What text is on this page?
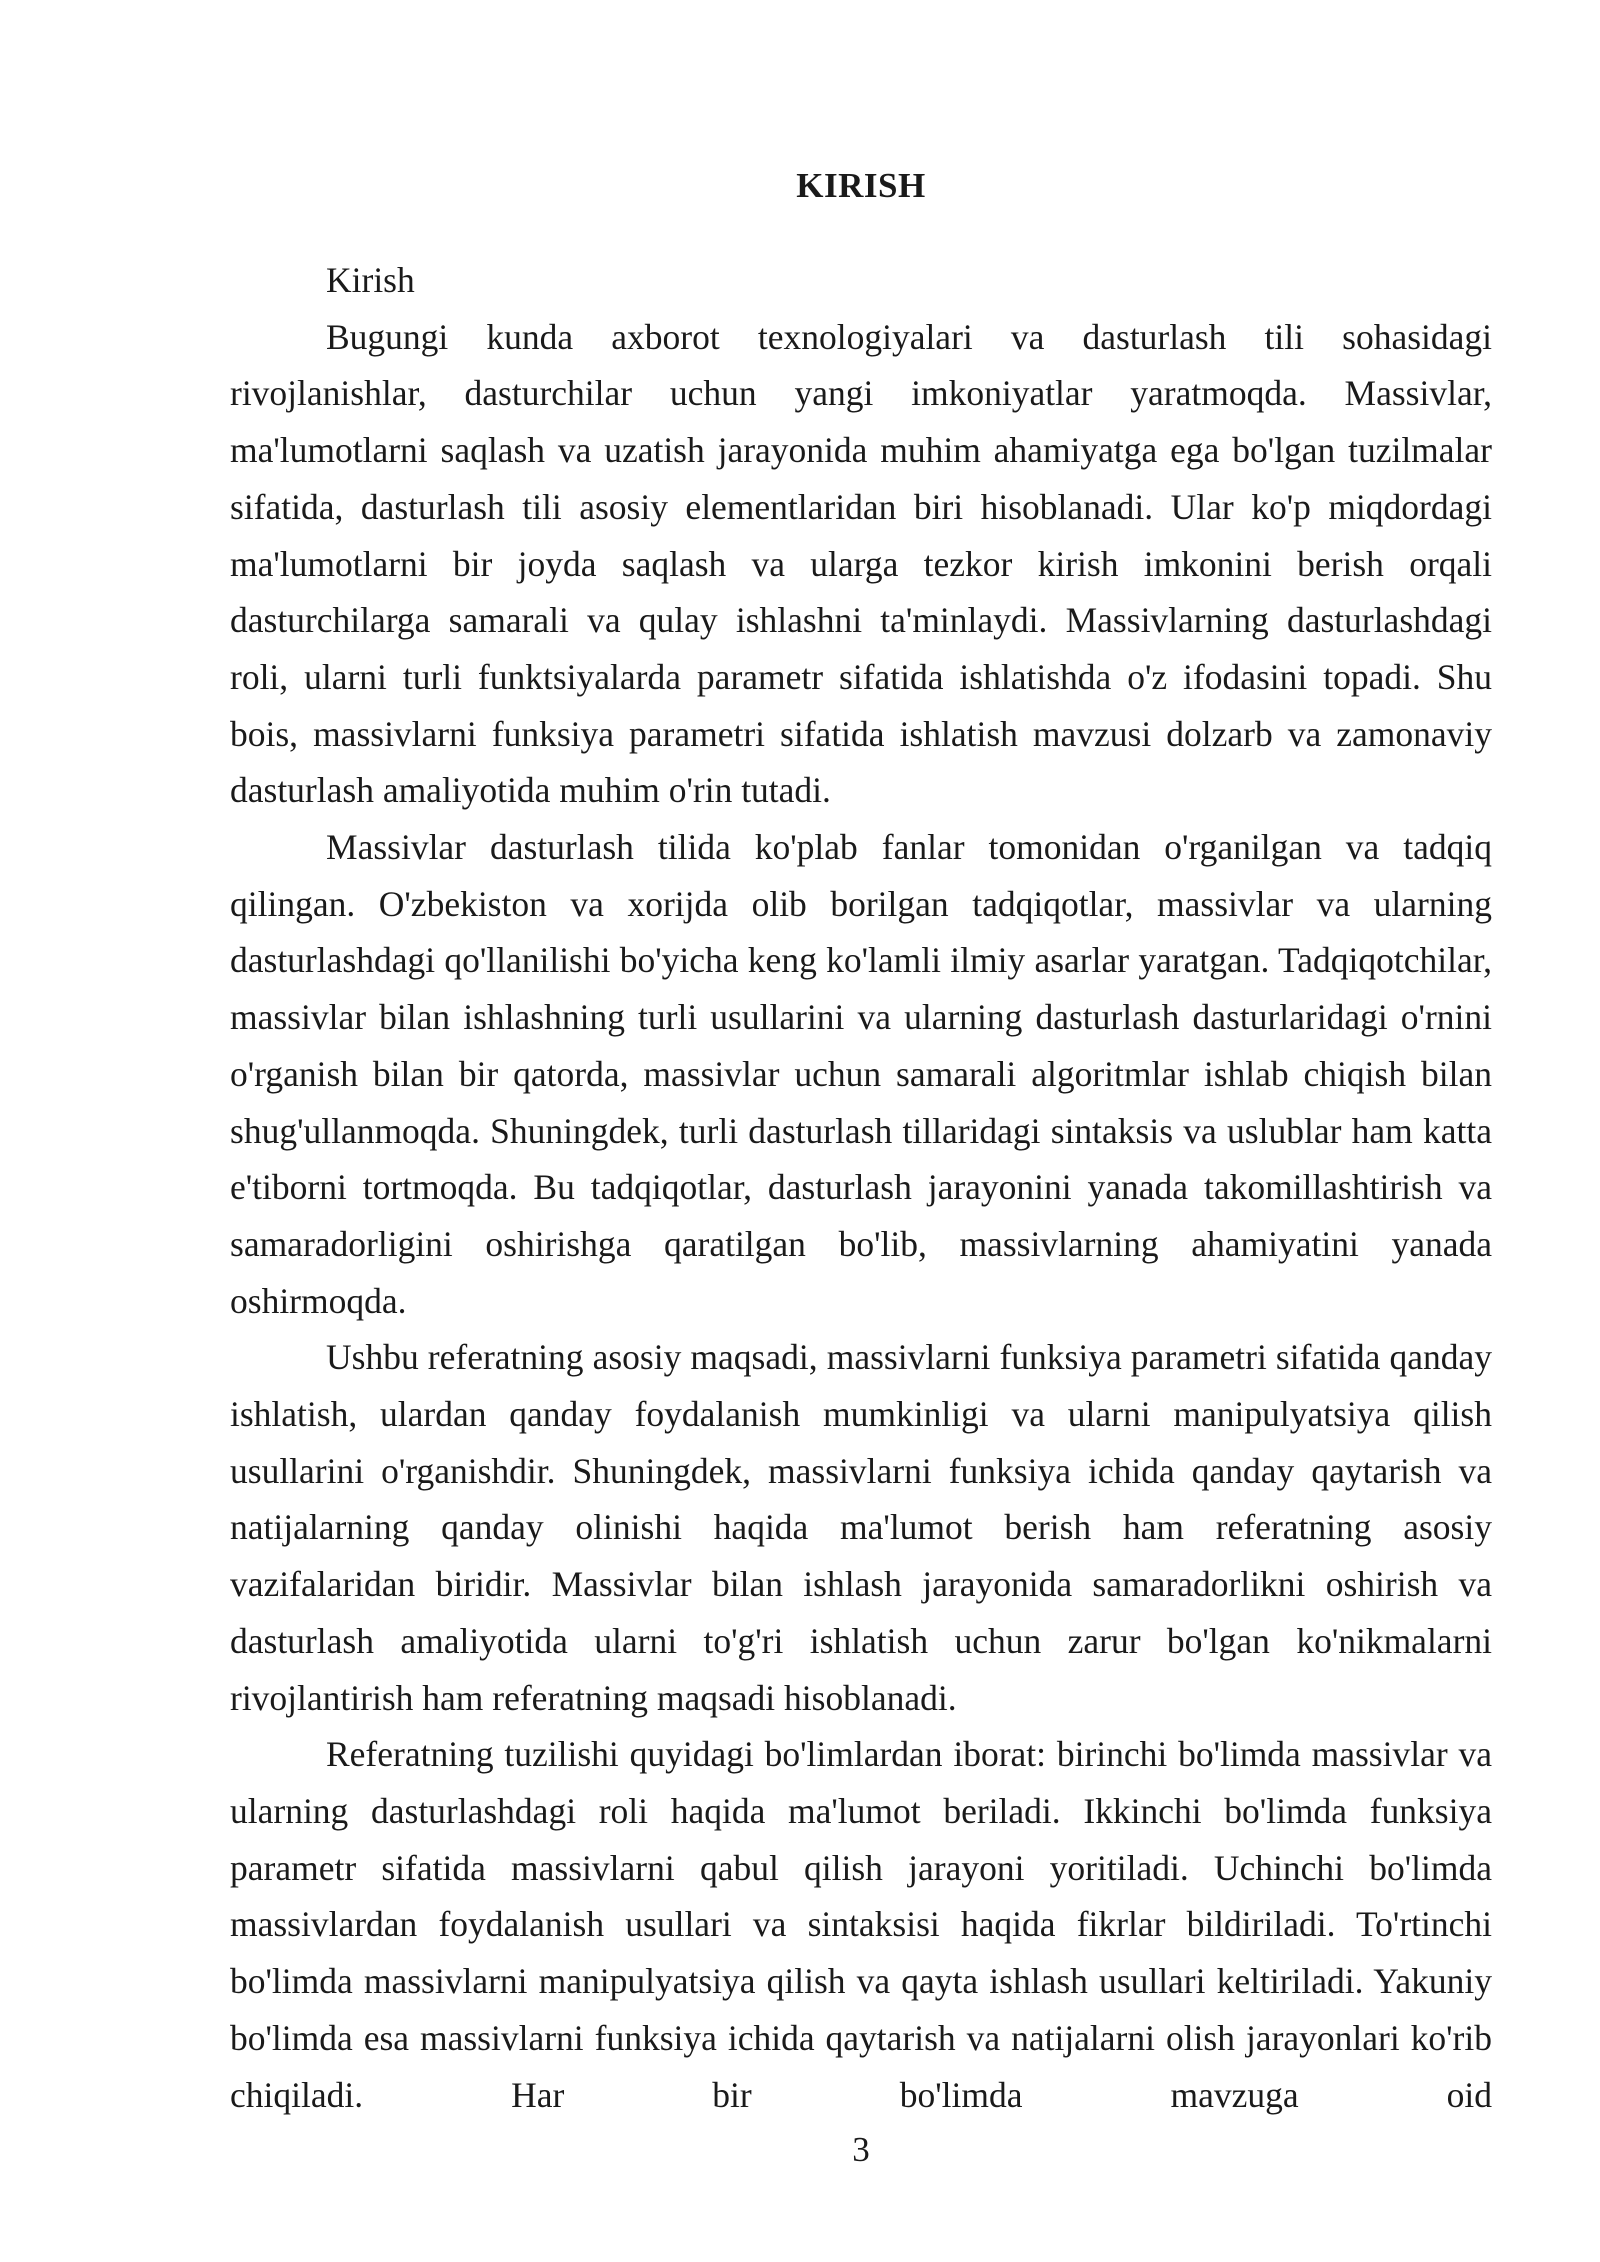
KIRISH

Kirish

Bugungi kunda axborot texnologiyalari va dasturlash tili sohasidagi rivojlanishlar, dasturchilar uchun yangi imkoniyatlar yaratmoqda. Massivlar, ma'lumotlarni saqlash va uzatish jarayonida muhim ahamiyatga ega bo'lgan tuzilmalar sifatida, dasturlash tili asosiy elementlaridan biri hisoblanadi. Ular ko'p miqdordagi ma'lumotlarni bir joyda saqlash va ularga tezkor kirish imkonini berish orqali dasturchilarga samarali va qulay ishlashni ta'minlaydi. Massivlarning dasturlashdagi roli, ularni turli funktsiyalarda parametr sifatida ishlatishda o'z ifodasini topadi. Shu bois, massivlarni funksiya parametri sifatida ishlatish mavzusi dolzarb va zamonaviy dasturlash amaliyotida muhim o'rin tutadi.

Massivlar dasturlash tilida ko'plab fanlar tomonidan o'rganilgan va tadqiq qilingan. O'zbekiston va xorijda olib borilgan tadqiqotlar, massivlar va ularning dasturlashdagi qo'llanilishi bo'yicha keng ko'lamli ilmiy asarlar yaratgan. Tadqiqotchilar, massivlar bilan ishlashning turli usullarini va ularning dasturlash dasturlaridagi o'rnini o'rganish bilan bir qatorda, massivlar uchun samarali algoritmlar ishlab chiqish bilan shug'ullanmoqda. Shuningdek, turli dasturlash tillaridagi sintaksis va uslublar ham katta e'tiborni tortmoqda. Bu tadqiqotlar, dasturlash jarayonini yanada takomillashtirish va samaradorligini oshirishga qaratilgan bo'lib, massivlarning ahamiyatini yanada oshirmoqda.

Ushbu referatning asosiy maqsadi, massivlarni funksiya parametri sifatida qanday ishlatish, ulardan qanday foydalanish mumkinligi va ularni manipulyatsiya qilish usullarini o'rganishdir. Shuningdek, massivlarni funksiya ichida qanday qaytarish va natijalarning qanday olinishi haqida ma'lumot berish ham referatning asosiy vazifalaridan biridir. Massivlar bilan ishlash jarayonida samaradorlikni oshirish va dasturlash amaliyotida ularni to'g'ri ishlatish uchun zarur bo'lgan ko'nikmalarni rivojlantirish ham referatning maqsadi hisoblanadi.

Referatning tuzilishi quyidagi bo'limlardan iborat: birinchi bo'limda massivlar va ularning dasturlashdagi roli haqida ma'lumot beriladi. Ikkinchi bo'limda funksiya parametr sifatida massivlarni qabul qilish jarayoni yoritiladi. Uchinchi bo'limda massivlardan foydalanish usullari va sintaksisi haqida fikrlar bildiriladi. To'rtinchi bo'limda massivlarni manipulyatsiya qilish va qayta ishlash usullari keltiriladi. Yakuniy bo'limda esa massivlarni funksiya ichida qaytarish va natijalarni olish jarayonlari ko'rib chiqiladi. Har bir bo'limda mavzuga oid

3
